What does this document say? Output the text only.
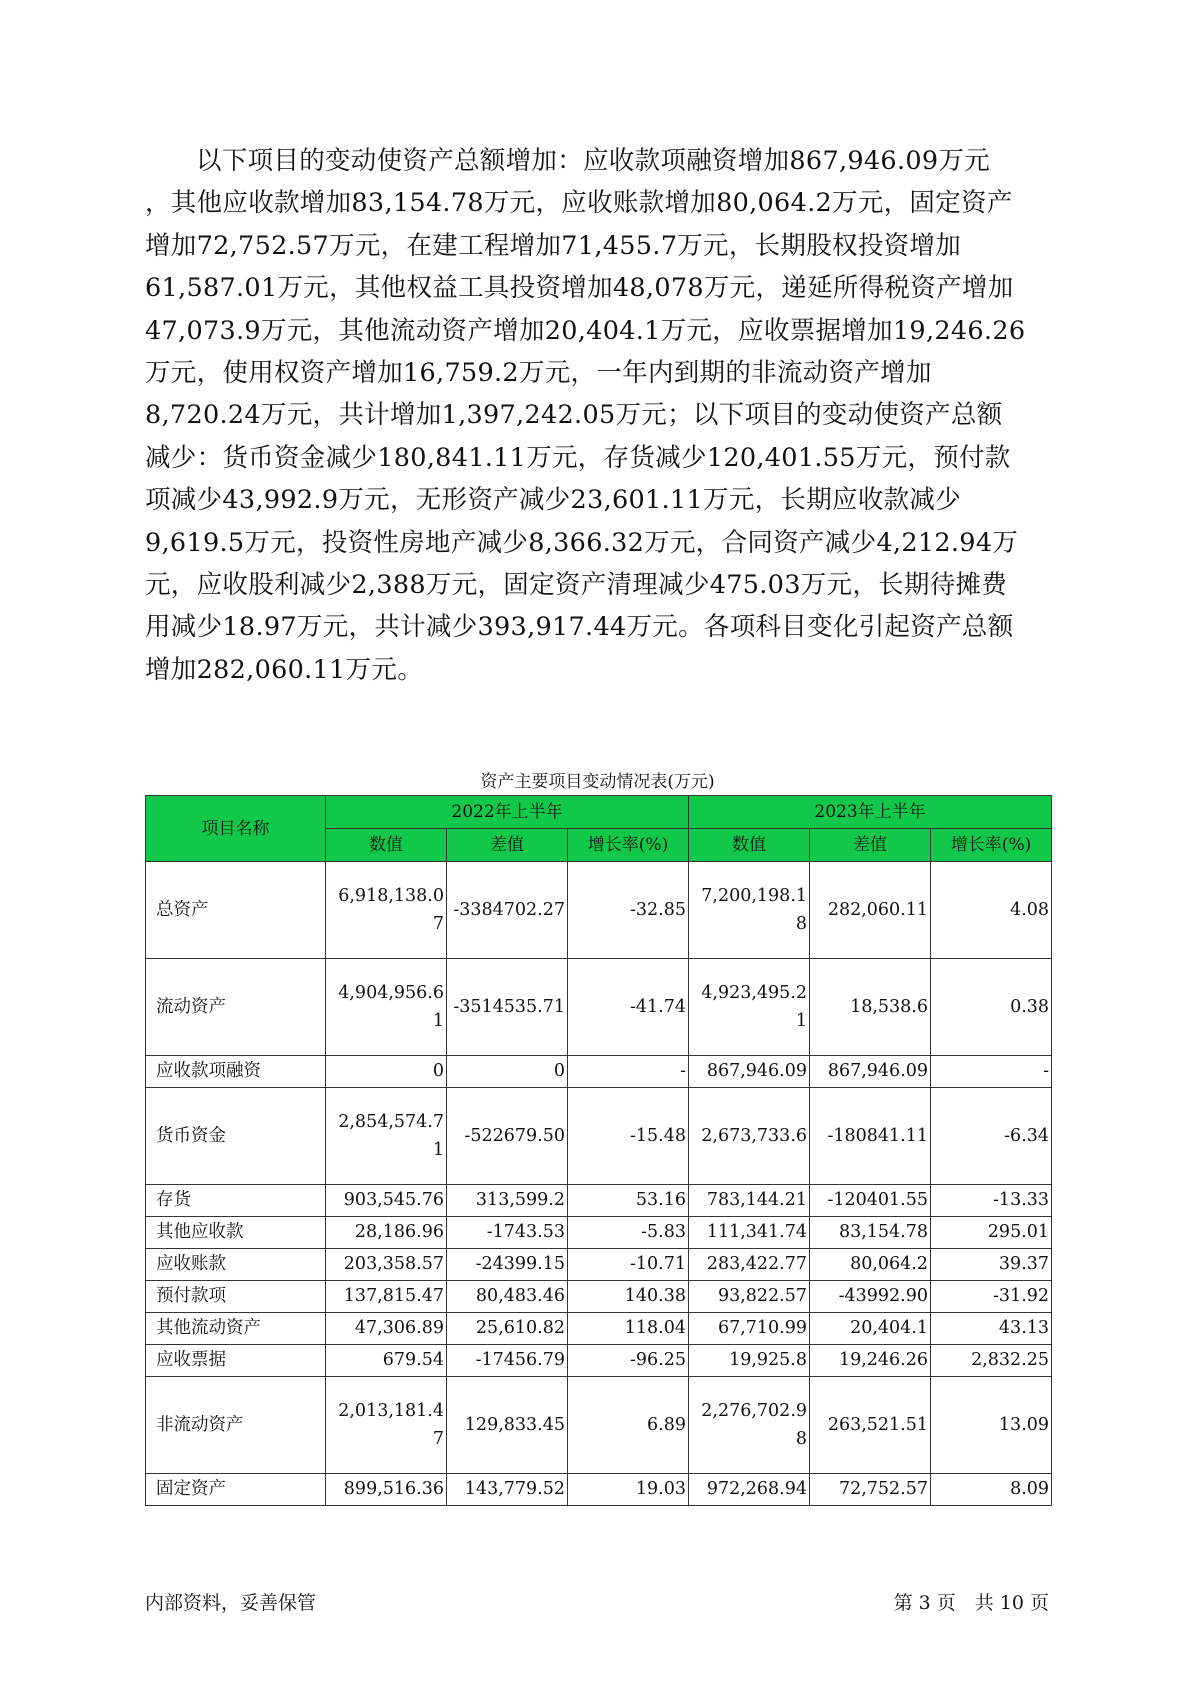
以下项目的变动使资产总额增加：应收款项融资增加867,946.09万元
，其他应收款增加83,154.78万元，应收账款增加80,064.2万元，固定资产
增加72,752.57万元，在建工程增加71,455.7万元，长期股权投资增加
61,587.01万元，其他权益工具投资增加48,078万元，递延所得税资产增加
47,073.9万元，其他流动资产增加20,404.1万元，应收票据增加19,246.26
万元，使用权资产增加16,759.2万元，一年内到期的非流动资产增加
8,720.24万元，共计增加1,397,242.05万元；以下项目的变动使资产总额
减少：货币资金减少180,841.11万元，存货减少120,401.55万元，预付款
项减少43,992.9万元，无形资产减少23,601.11万元，长期应收款减少
9,619.5万元，投资性房地产减少8,366.32万元，合同资产减少4,212.94万
元，应收股利减少2,388万元，固定资产清理减少475.03万元，长期待摊费
用减少18.97万元，共计减少393,917.44万元。各项科目变化引起资产总额
增加282,060.11万元。
资产主要项目变动情况表(万元)
项目名称	2022年上半年			2023年上半年		
	数值	差值	增长率(%)	数值	差值	增长率(%)
总资产	6,918,138.07	-3384702.27	-32.85	7,200,198.18	282,060.11	4.08
流动资产	4,904,956.61	-3514535.71	-41.74	4,923,495.21	18,538.6	0.38
应收款项融资	0	0	-	867,946.09	867,946.09	-
货币资金	2,854,574.71	-522679.50	-15.48	2,673,733.6	-180841.11	-6.34
存货	903,545.76	313,599.2	53.16	783,144.21	-120401.55	-13.33
其他应收款	28,186.96	-1743.53	-5.83	111,341.74	83,154.78	295.01
应收账款	203,358.57	-24399.15	-10.71	283,422.77	80,064.2	39.37
预付款项	137,815.47	80,483.46	140.38	93,822.57	-43992.90	-31.92
其他流动资产	47,306.89	25,610.82	118.04	67,710.99	20,404.1	43.13
应收票据	679.54	-17456.79	-96.25	19,925.8	19,246.26	2,832.25
非流动资产	2,013,181.47	129,833.45	6.89	2,276,702.98	263,521.51	13.09
固定资产	899,516.36	143,779.52	19.03	972,268.94	72,752.57	8.09
内部资料，妥善保管	第 3 页　共 10 页
